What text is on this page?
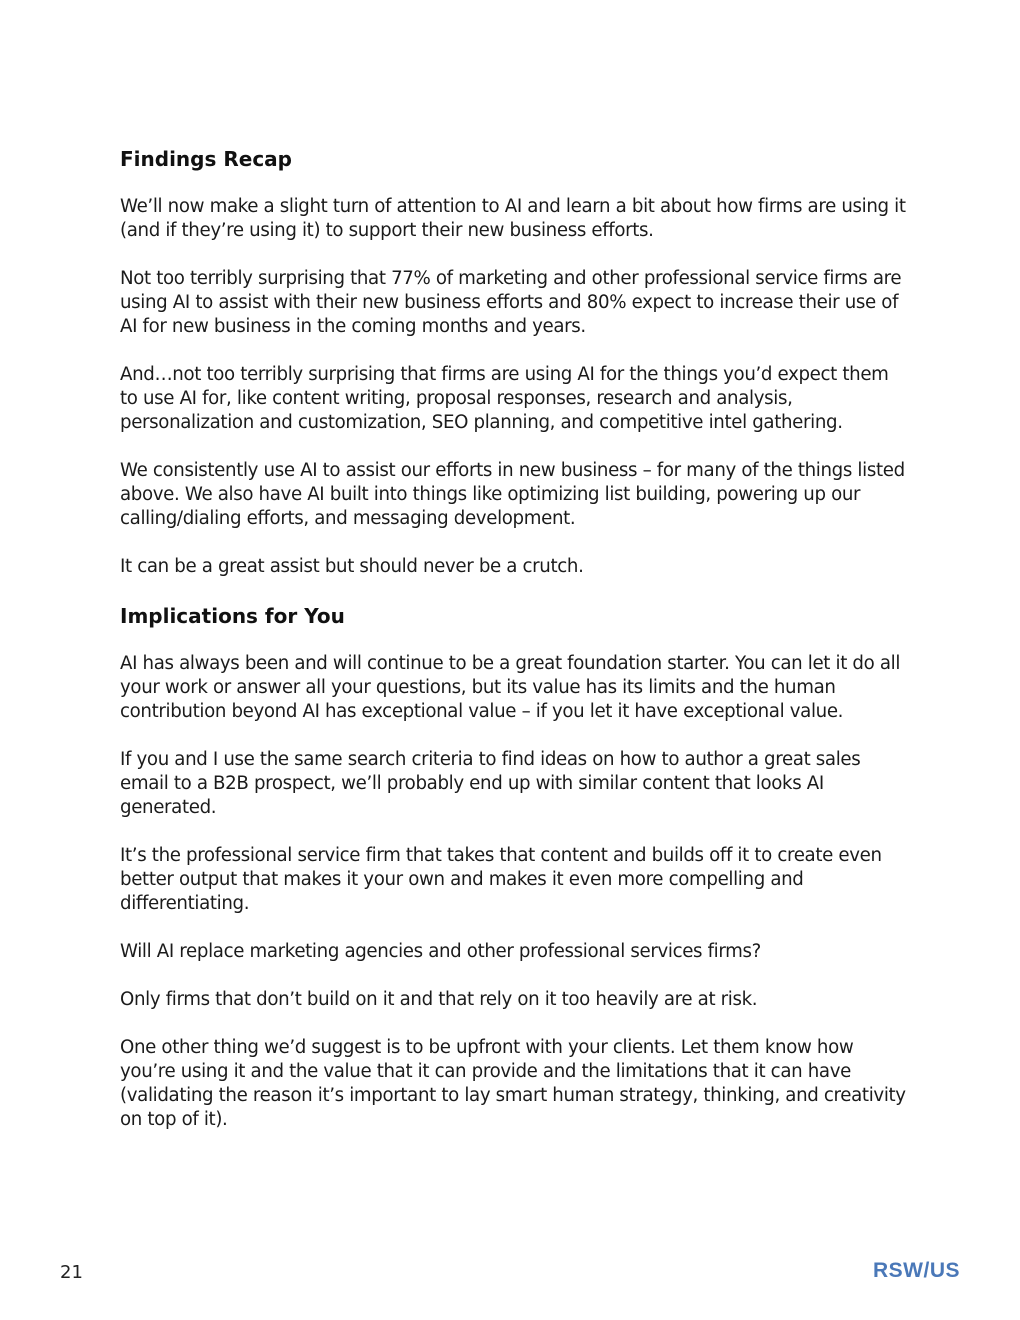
Findings Recap

We’ll now make a slight turn of attention to AI and learn a bit about how firms are using it (and if they’re using it) to support their new business efforts.

Not too terribly surprising that 77% of marketing and other professional service firms are using AI to assist with their new business efforts and 80% expect to increase their use of AI for new business in the coming months and years.

And…not too terribly surprising that firms are using AI for the things you’d expect them to use AI for, like content writing, proposal responses, research and analysis, personalization and customization, SEO planning, and competitive intel gathering.

We consistently use AI to assist our efforts in new business – for many of the things listed above. We also have AI built into things like optimizing list building, powering up our calling/dialing efforts, and messaging development.

It can be a great assist but should never be a crutch.

Implications for You

AI has always been and will continue to be a great foundation starter. You can let it do all your work or answer all your questions, but its value has its limits and the human contribution beyond AI has exceptional value – if you let it have exceptional value.

If you and I use the same search criteria to find ideas on how to author a great sales email to a B2B prospect, we’ll probably end up with similar content that looks AI generated.

It’s the professional service firm that takes that content and builds off it to create even better output that makes it your own and makes it even more compelling and differentiating.

Will AI replace marketing agencies and other professional services firms?

Only firms that don’t build on it and that rely on it too heavily are at risk.

One other thing we’d suggest is to be upfront with your clients. Let them know how you’re using it and the value that it can provide and the limitations that it can have (validating the reason it’s important to lay smart human strategy, thinking, and creativity on top of it).

21	RSW/US
